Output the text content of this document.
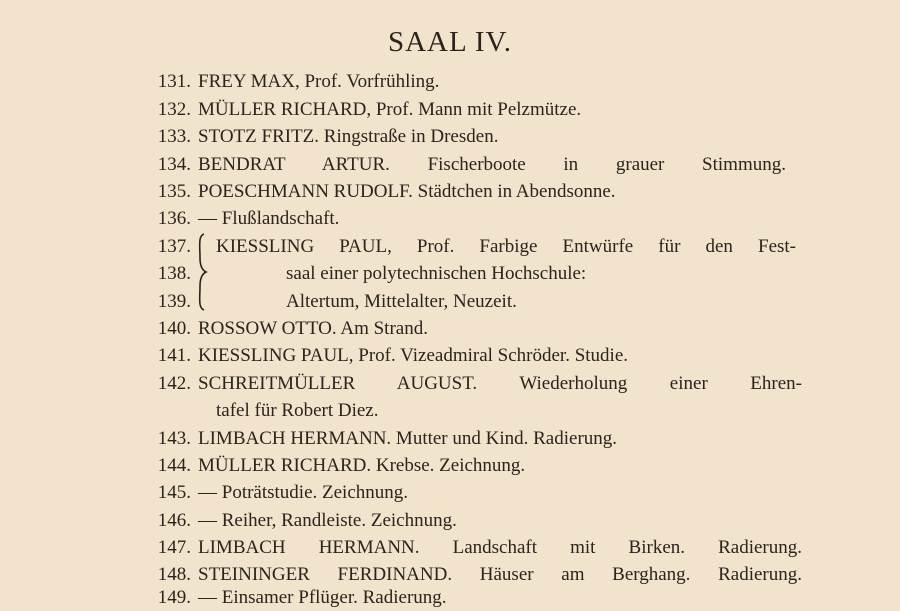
SAAL IV.
131. FREY MAX, Prof. Vorfrühling.
132. MÜLLER RICHARD, Prof. Mann mit Pelzmütze.
133. STOTZ FRITZ. Ringstraße in Dresden.
134. BENDRAT ARTUR. Fischerboote in grauer Stimmung.
135. POESCHMANN RUDOLF. Städtchen in Abendsonne.
136. — Flußlandschaft.
137. KIESSLING PAUL, Prof. Farbige Entwürfe für den Fest-
138.	saal einer polytechnischen Hochschule:
139.	Altertum, Mittelalter, Neuzeit.
140. ROSSOW OTTO. Am Strand.
141. KIESSLING PAUL, Prof. Vizeadmiral Schröder. Studie.
142. SCHREITMÜLLER AUGUST. Wiederholung einer Ehren-
tafel für Robert Diez.
143. LIMBACH HERMANN. Mutter und Kind. Radierung.
144. MÜLLER RICHARD. Krebse. Zeichnung.
145. — Poträtstudie. Zeichnung.
146. — Reiher, Randleiste. Zeichnung.
147. LIMBACH HERMANN. Landschaft mit Birken. Radierung.
148. STEININGER FERDINAND. Häuser am Berghang. Radierung.
149. — Einsamer Pflüger. Radierung.
